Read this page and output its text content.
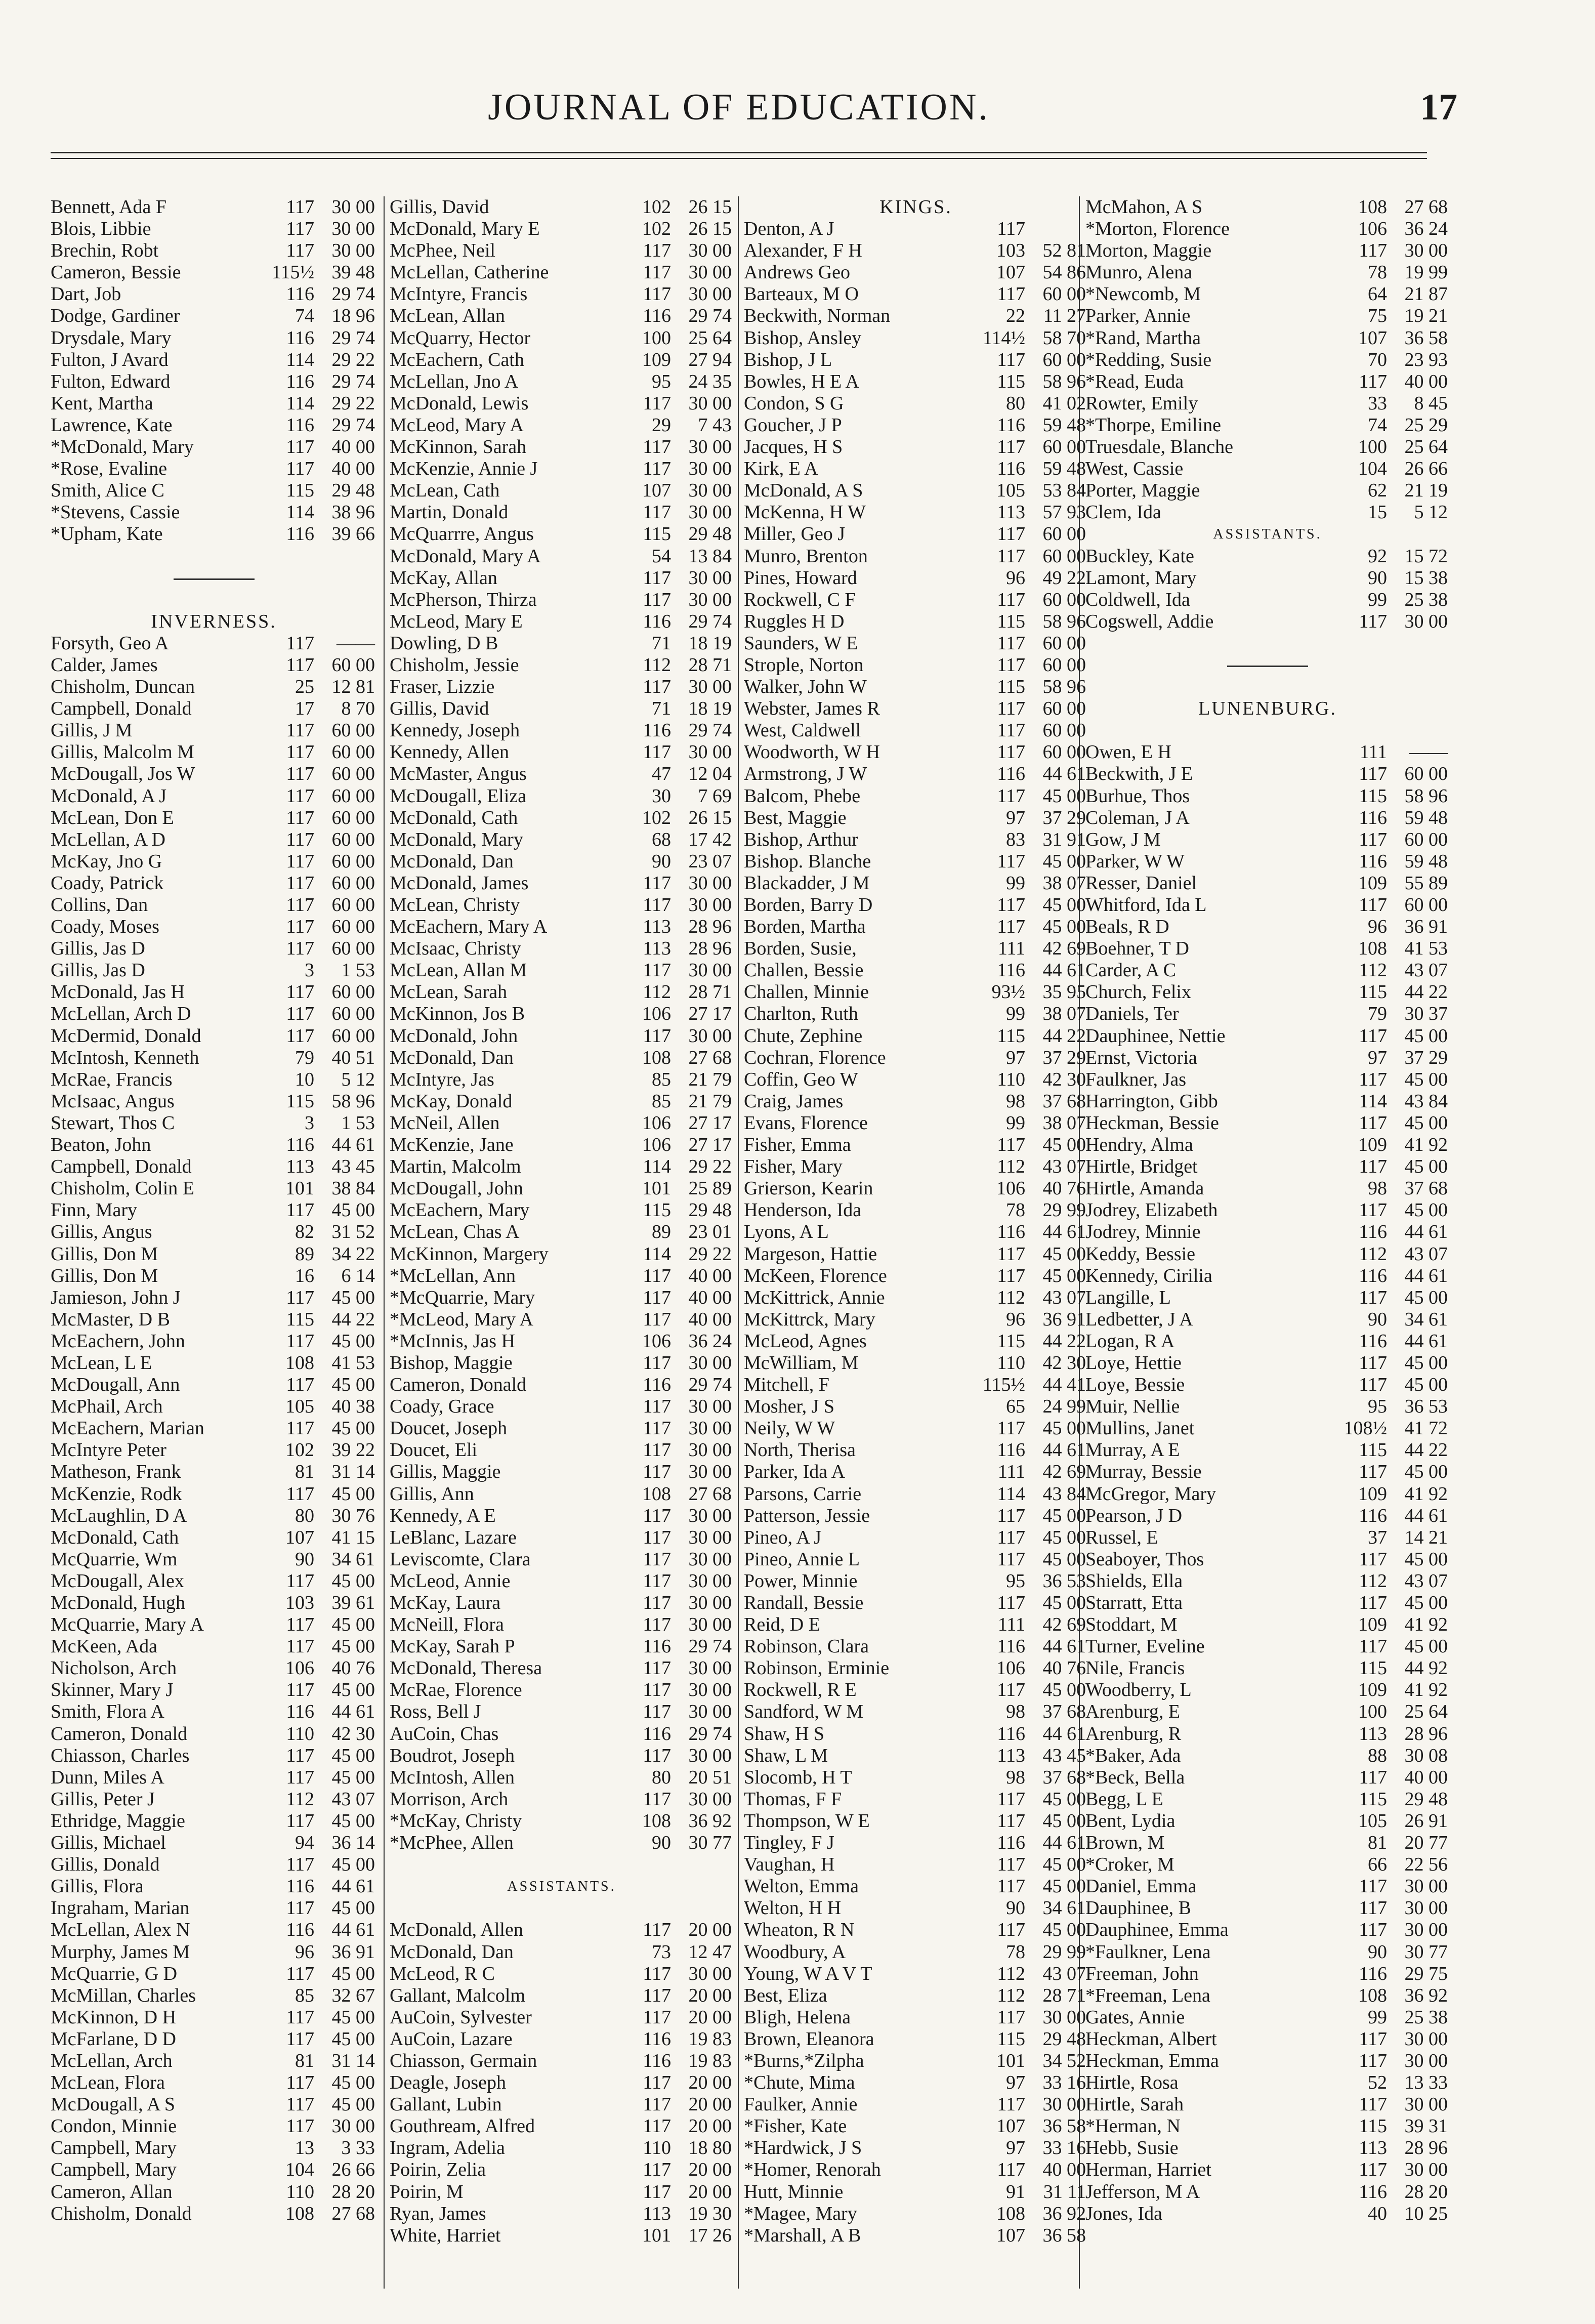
JOURNAL OF EDUCATION.	17
Bennett, Ada F	117 30 00
Blois, Libbie	117 30 00
Brechin, Robt	117 30 00
Cameron, Bessie	115½ 39 48
Dart, Job	116 29 74
Dodge, Gardiner	74 18 96
Drysdale, Mary	116 29 74
Fulton, J Avard	114 29 22
Fulton, Edward	116 29 74
Kent, Martha	114 29 22
Lawrence, Kate	116 29 74
*McDonald, Mary	117 40 00
*Rose, Evaline	117 40 00
Smith, Alice C	115 29 48
*Stevens, Cassie	114 38 96
*Upham, Kate	116 39 66
INVERNESS.
Forsyth, Geo A	117	——
Calder, James	117 60 00
Chisholm, Duncan	25 12 81
Campbell, Donald	17	8 70
Gillis, J M	117 60 00
Gillis, Malcolm M	117 60 00
McDougall, Jos W	117 60 00
McDonald, A J	117 60 00
McLean, Don E	117 60 00
McLellan, A D	117 60 00
McKay, Jno G	117 60 00
Coady, Patrick	117 60 00
Collins, Dan	117 60 00
Coady, Moses	117 60 00
Gillis, Jas D	117 60 00
Gillis, Jas D	3	1 53
McDonald, Jas H	117 60 00
McLellan, Arch D	117 60 00
McDermid, Donald	117 60 00
McIntosh, Kenneth	79 40 51
McRae, Francis	10	5 12
McIsaac, Angus	115 58 96
Stewart, Thos C	3	1 53
Beaton, John	116 44 61
Campbell, Donald	113 43 45
Chisholm, Colin E	101 38 84
Finn, Mary	117 45 00
Gillis, Angus	82 31 52
Gillis, Don M	89 34 22
Gillis, Don M	16	6 14
Jamieson, John J	117 45 00
McMaster, D B	115 44 22
McEachern, John	117 45 00
McLean, L E	108 41 53
McDougall, Ann	117 45 00
McPhail, Arch	105 40 38
McEachern, Marian	117 45 00
McIntyre Peter	102 39 22
Matheson, Frank	81 31 14
McKenzie, Rodk	117 45 00
McLaughlin, D A	80 30 76
McDonald, Cath	107 41 15
McQuarrie, Wm	90 34 61
McDougall, Alex	117 45 00
McDonald, Hugh	103 39 61
McQuarrie, Mary A	117 45 00
McKeen, Ada	117 45 00
Nicholson, Arch	106 40 76
Skinner, Mary J	117 45 00
Smith, Flora A	116 44 61
Cameron, Donald	110 42 30
Chiasson, Charles	117 45 00
Dunn, Miles A	117 45 00
Gillis, Peter J	112 43 07
Ethridge, Maggie	117 45 00
Gillis, Michael	94 36 14
Gillis, Donald	117 45 00
Gillis, Flora	116 44 61
Ingraham, Marian	117 45 00
McLellan, Alex N	116 44 61
Murphy, James M	96 36 91
McQuarrie, G D	117 45 00
McMillan, Charles	85 32 67
McKinnon, D H	117 45 00
McFarlane, D D	117 45 00
McLellan, Arch	81 31 14
McLean, Flora	117 45 00
McDougall, A S	117 45 00
Condon, Minnie	117 30 00
Campbell, Mary	13	3 33
Campbell, Mary	104 26 66
Cameron, Allan	110 28 20
Chisholm, Donald	108 27 68
Gillis, David	102 26 15
McDonald, Mary E	102 26 15
McPhee, Neil	117 30 00
McLellan, Catherine	117 30 00
McIntyre, Francis	117 30 00
McLean, Allan	116 29 74
McQuarry, Hector	100 25 64
McEachern, Cath	109 27 94
McLellan, Jno A	95 24 35
McDonald, Lewis	117 30 00
McLeod, Mary A	29	7 43
McKinnon, Sarah	117 30 00
McKenzie, Annie J	117 30 00
McLean, Cath	107 30 00
Martin, Donald	117 30 00
McQuarrre, Angus	115 29 48
McDonald, Mary A	54 13 84
McKay, Allan	117 30 00
McPherson, Thirza	117 30 00
McLeod, Mary E	116 29 74
Dowling, D B	71 18 19
Chisholm, Jessie	112 28 71
Fraser, Lizzie	117 30 00
Gillis, David	71 18 19
Kennedy, Joseph	116 29 74
Kennedy, Allen	117 30 00
McMaster, Angus	47 12 04
McDougall, Eliza	30	7 69
McDonald, Cath	102 26 15
McDonald, Mary	68 17 42
McDonald, Dan	90 23 07
McDonald, James	117 30 00
McLean, Christy	117 30 00
McEachern, Mary A	113 28 96
McIsaac, Christy	113 28 96
McLean, Allan M	117 30 00
McLean, Sarah	112 28 71
McKinnon, Jos B	106 27 17
McDonald, John	117 30 00
McDonald, Dan	108 27 68
McIntyre, Jas	85 21 79
McKay, Donald	85 21 79
McNeil, Allen	106 27 17
McKenzie, Jane	106 27 17
Martin, Malcolm	114 29 22
McDougall, John	101 25 89
McEachern, Mary	115 29 48
McLean, Chas A	89 23 01
McKinnon, Margery	114 29 22
*McLellan, Ann	117 40 00
*McQuarrie, Mary	117 40 00
*McLeod, Mary A	117 40 00
*McInnis, Jas H	106 36 24
Bishop, Maggie	117 30 00
Cameron, Donald	116 29 74
Coady, Grace	117 30 00
Doucet, Joseph	117 30 00
Doucet, Eli	117 30 00
Gillis, Maggie	117 30 00
Gillis, Ann	108 27 68
Kennedy, A E	117 30 00
LeBlanc, Lazare	117 30 00
Leviscomte, Clara	117 30 00
McLeod, Annie	117 30 00
McKay, Laura	117 30 00
McNeill, Flora	117 30 00
McKay, Sarah P	116 29 74
McDonald, Theresa	117 30 00
McRae, Florence	117 30 00
Ross, Bell J	117 30 00
AuCoin, Chas	116 29 74
Boudrot, Joseph	117 30 00
McIntosh, Allen	80 20 51
Morrison, Arch	117 30 00
*McKay, Christy	108 36 92
*McPhee, Allen	90 30 77
ASSISTANTS.
McDonald, Allen	117 20 00
McDonald, Dan	73 12 47
McLeod, R C	117 30 00
Gallant, Malcolm	117 20 00
AuCoin, Sylvester	117 20 00
AuCoin, Lazare	116 19 83
Chiasson, Germain	116 19 83
Deagle, Joseph	117 20 00
Gallant, Lubin	117 20 00
Gouthream, Alfred	117 20 00
Ingram, Adelia	110 18 80
Poirin, Zelia	117 20 00
Poirin, M	117 20 00
Ryan, James	113 19 30
White, Harriet	101 17 26
KINGS.
Denton, A J	117
Alexander, F H	103 52 81
Andrews Geo	107 54 86
Barteaux, M O	117 60 00
Beckwith, Norman	22 11 27
Bishop, Ansley	114½ 58 70
Bishop, J L	117 60 00
Bowles, H E A	115 58 96
Condon, S G	80 41 02
Goucher, J P	116 59 48
Jacques, H S	117 60 00
Kirk, E A	116 59 48
McDonald, A S	105 53 84
McKenna, H W	113 57 93
Miller, Geo J	117 60 00
Munro, Brenton	117 60 00
Pines, Howard	96 49 22
Rockwell, C F	117 60 00
Ruggles H D	115 58 96
Saunders, W E	117 60 00
Strople, Norton	117 60 00
Walker, John W	115 58 96
Webster, James R	117 60 00
West, Caldwell	117 60 00
Woodworth, W H	117 60 00
Armstrong, J W	116 44 61
Balcom, Phebe	117 45 00
Best, Maggie	97 37 29
Bishop, Arthur	83 31 91
Bishop. Blanche	117 45 00
Blackadder, J M	99 38 07
Borden, Barry D	117 45 00
Borden, Martha	117 45 00
Borden, Susie,	111 42 69
Challen, Bessie	116 44 61
Challen, Minnie	93½ 35 95
Charlton, Ruth	99 38 07
Chute, Zephine	115 44 22
Cochran, Florence	97 37 29
Coffin, Geo W	110 42 30
Craig, James	98 37 68
Evans, Florence	99 38 07
Fisher, Emma	117 45 00
Fisher, Mary	112 43 07
Grierson, Kearin	106 40 76
Henderson, Ida	78 29 99
Lyons, A L	116 44 61
Margeson, Hattie	117 45 00
McKeen, Florence	117 45 00
McKittrick, Annie	112 43 07
McKittrck, Mary	96 36 91
McLeod, Agnes	115 44 22
McWilliam, M	110 42 30
Mitchell, F	115½ 44 41
Mosher, J S	65 24 99
Neily, W W	117 45 00
North, Therisa	116 44 61
Parker, Ida A	111 42 69
Parsons, Carrie	114 43 84
Patterson, Jessie	117 45 00
Pineo, A J	117 45 00
Pineo, Annie L	117 45 00
Power, Minnie	95 36 53
Randall, Bessie	117 45 00
Reid, D E	111 42 69
Robinson, Clara	116 44 61
Robinson, Erminie	106 40 76
Rockwell, R E	117 45 00
Sandford, W M	98 37 68
Shaw, H S	116 44 61
Shaw, L M	113 43 45
Slocomb, H T	98 37 68
Thomas, F F	117 45 00
Thompson, W E	117 45 00
Tingley, F J	116 44 61
Vaughan, H	117 45 00
Welton, Emma	117 45 00
Welton, H H	90 34 61
Wheaton, R N	117 45 00
Woodbury, A	78 29 99
Young, W A V T	112 43 07
Best, Eliza	112 28 71
Bligh, Helena	117 30 00
Brown, Eleanora	115 29 48
*Burns,*Zilpha	101 34 52
*Chute, Mima	97 33 16
Faulker, Annie	117 30 00
*Fisher, Kate	107 36 58
*Hardwick, J S	97 33 16
*Homer, Renorah	117 40 00
Hutt, Minnie	91 31 11
*Magee, Mary	108 36 92
*Marshall, A B	107 36 58
McMahon, A S	108 27 68
*Morton, Florence	106 36 24
Morton, Maggie	117 30 00
Munro, Alena	78 19 99
*Newcomb, M	64 21 87
Parker, Annie	75 19 21
*Rand, Martha	107 36 58
*Redding, Susie	70 23 93
*Read, Euda	117 40 00
Rowter, Emily	33	8 45
*Thorpe, Emiline	74 25 29
Truesdale, Blanche	100 25 64
West, Cassie	104 26 66
Porter, Maggie	62 21 19
Clem, Ida	15	5 12
ASSISTANTS.
Buckley, Kate	92 15 72
Lamont, Mary	90 15 38
Coldwell, Ida	99 25 38
Cogswell, Addie	117 30 00
LUNENBURG.
Owen, E H	111	——
Beckwith, J E	117 60 00
Burhue, Thos	115 58 96
Coleman, J A	116 59 48
Gow, J M	117 60 00
Parker, W W	116 59 48
Resser, Daniel	109 55 89
Whitford, Ida L	117 60 00
Beals, R D	96 36 91
Boehner, T D	108 41 53
Carder, A C	112 43 07
Church, Felix	115 44 22
Daniels, Ter	79 30 37
Dauphinee, Nettie	117 45 00
Ernst, Victoria	97 37 29
Faulkner, Jas	117 45 00
Harrington, Gibb	114 43 84
Heckman, Bessie	117 45 00
Hendry, Alma	109 41 92
Hirtle, Bridget	117 45 00
Hirtle, Amanda	98 37 68
Jodrey, Elizabeth	117 45 00
Jodrey, Minnie	116 44 61
Keddy, Bessie	112 43 07
Kennedy, Cirilia	116 44 61
Langille, L	117 45 00
Ledbetter, J A	90 34 61
Logan, R A	116 44 61
Loye, Hettie	117 45 00
Loye, Bessie	117 45 00
Muir, Nellie	95 36 53
Mullins, Janet	108½ 41 72
Murray, A E	115 44 22
Murray, Bessie	117 45 00
McGregor, Mary	109 41 92
Pearson, J D	116 44 61
Russel, E	37 14 21
Seaboyer, Thos	117 45 00
Shields, Ella	112 43 07
Starratt, Etta	117 45 00
Stoddart, M	109 41 92
Turner, Eveline	117 45 00
Nile, Francis	115 44 92
Woodberry, L	109 41 92
Arenburg, E	100 25 64
Arenburg, R	113 28 96
*Baker, Ada	88 30 08
*Beck, Bella	117 40 00
Begg, L E	115 29 48
Bent, Lydia	105 26 91
Brown, M	81 20 77
*Croker, M	66 22 56
Daniel, Emma	117 30 00
Dauphinee, B	117 30 00
Dauphinee, Emma	117 30 00
*Faulkner, Lena	90 30 77
Freeman, John	116 29 75
*Freeman, Lena	108 36 92
Gates, Annie	99 25 38
Heckman, Albert	117 30 00
Heckman, Emma	117 30 00
Hirtle, Rosa	52 13 33
Hirtle, Sarah	117 30 00
*Herman, N	115 39 31
Hebb, Susie	113 28 96
Herman, Harriet	117 30 00
Jefferson, M A	116 28 20
Jones, Ida	40 10 25
